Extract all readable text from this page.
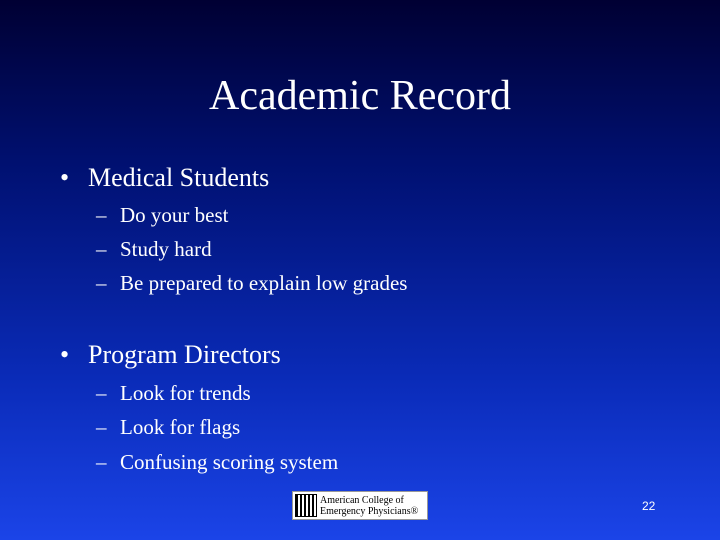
Academic Record
• Medical Students
– Do your best
– Study hard
– Be prepared to explain low grades
• Program Directors
– Look for trends
– Look for flags
– Confusing scoring system
American College of
Emergency Physicians®	22
